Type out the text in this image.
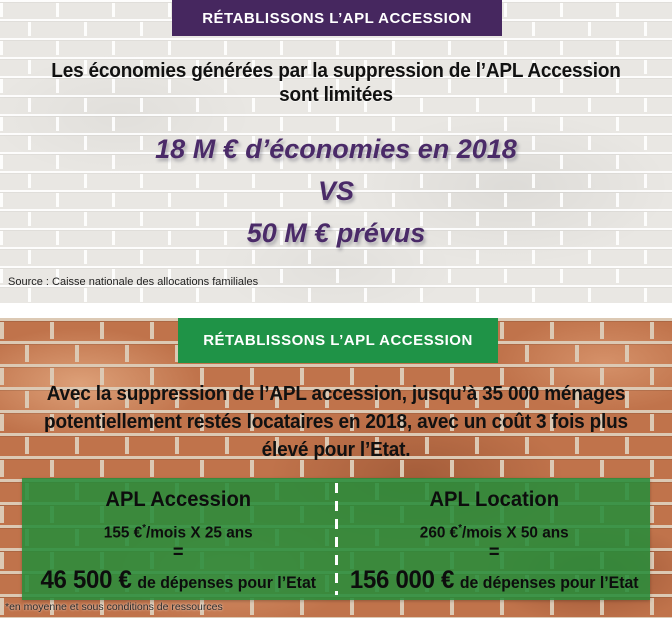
RÉTABLISSONS L’APL ACCESSION
Les économies générées par la suppression de l’APL Accession
sont limitées
18 M € d’économies en 2018
VS
50 M € prévus
Source : Caisse nationale des allocations familiales
RÉTABLISSONS L’APL ACCESSION
Avec la suppression de l’APL accession, jusqu’à 35 000 ménages
potentiellement restés locataires en 2018, avec un coût 3 fois plus
élevé pour l’Etat.
APL Accession
155 €*/mois X 25 ans
=
46 500 € de dépenses pour l’Etat
APL Location
260 €*/mois X 50 ans
=
156 000 € de dépenses pour l’Etat
*en moyenne et sous conditions de ressources
